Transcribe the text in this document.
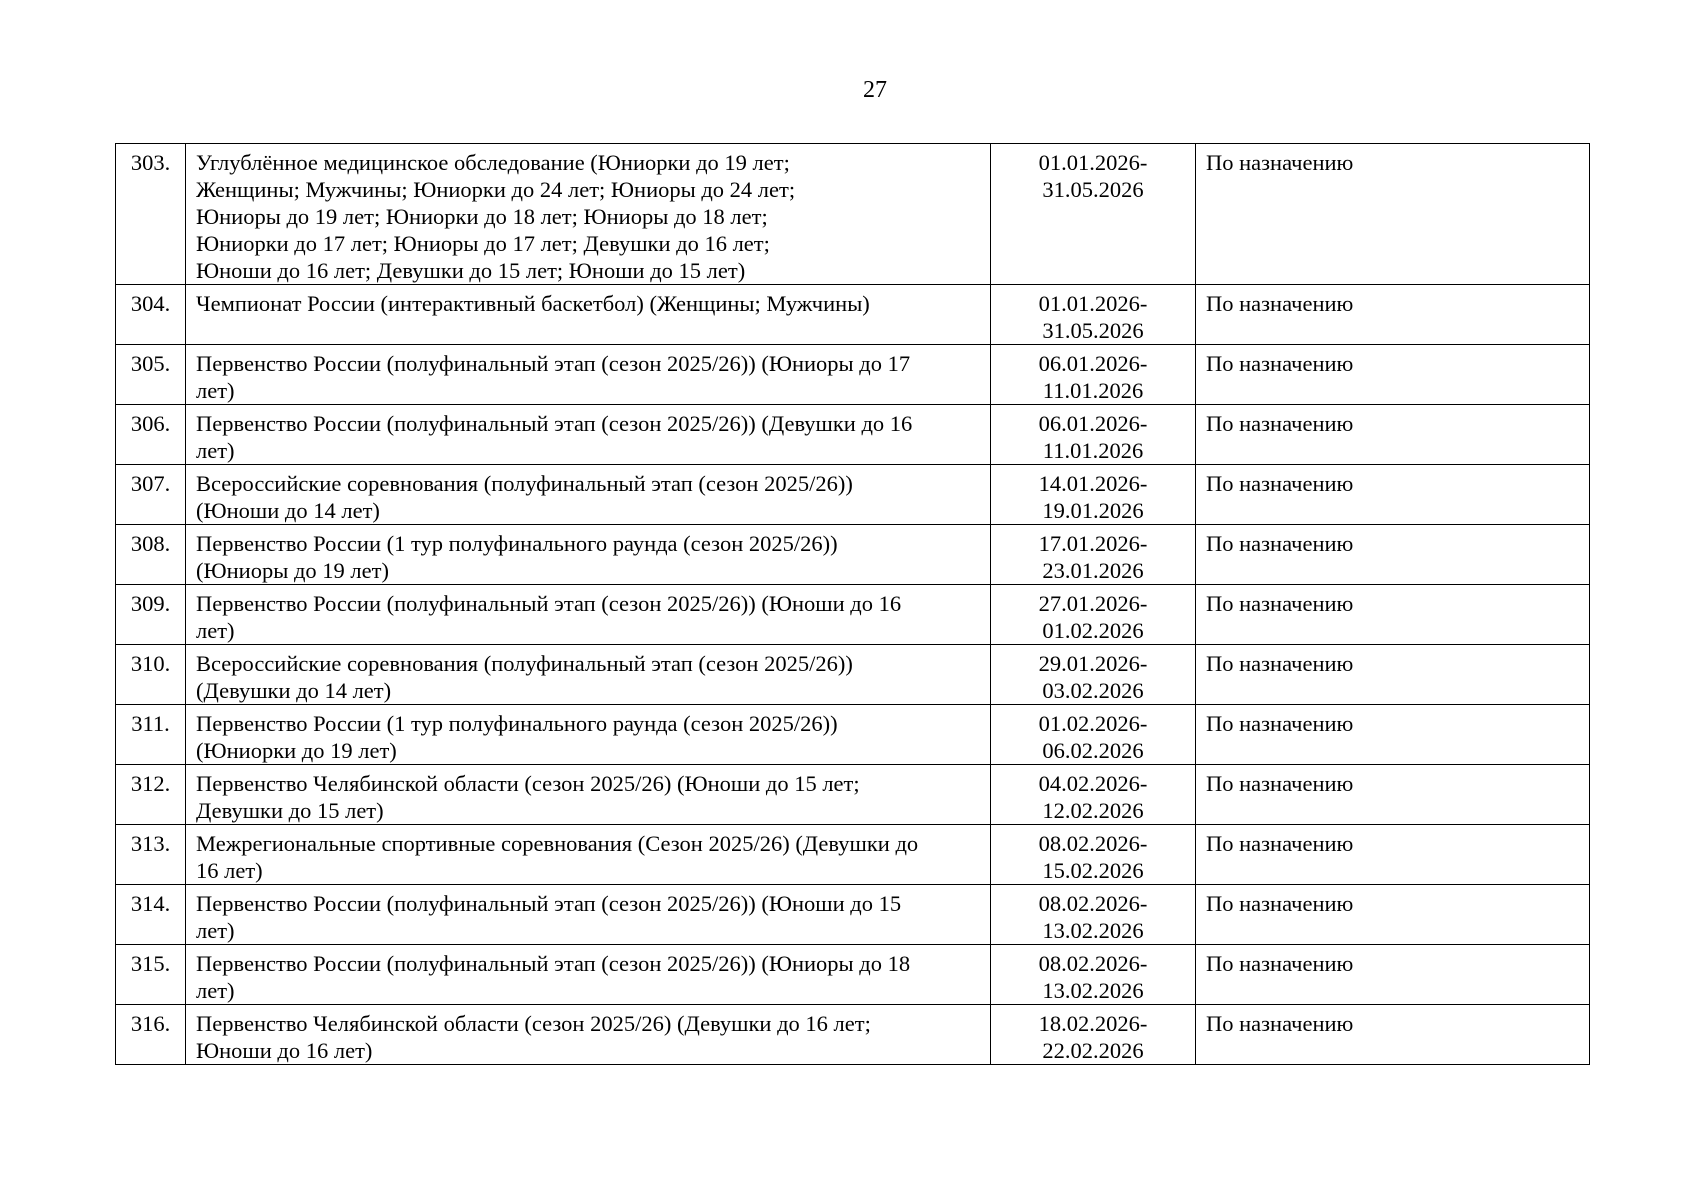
27
303.	Углублённое медицинское обследование (Юниорки до 19 лет;
Женщины; Мужчины; Юниорки до 24 лет; Юниоры до 24 лет;
Юниоры до 19 лет; Юниорки до 18 лет; Юниоры до 18 лет;
Юниорки до 17 лет; Юниоры до 17 лет; Девушки до 16 лет;
Юноши до 16 лет; Девушки до 15 лет; Юноши до 15 лет)	01.01.2026-
31.05.2026	По назначению
304.	Чемпионат России (интерактивный баскетбол) (Женщины; Мужчины)	01.01.2026-
31.05.2026	По назначению
305.	Первенство России (полуфинальный этап (сезон 2025/26)) (Юниоры до 17
лет)	06.01.2026-
11.01.2026	По назначению
306.	Первенство России (полуфинальный этап (сезон 2025/26)) (Девушки до 16
лет)	06.01.2026-
11.01.2026	По назначению
307.	Всероссийские соревнования (полуфинальный этап (сезон 2025/26))
(Юноши до 14 лет)	14.01.2026-
19.01.2026	По назначению
308.	Первенство России (1 тур полуфинального раунда (сезон 2025/26))
(Юниоры до 19 лет)	17.01.2026-
23.01.2026	По назначению
309.	Первенство России (полуфинальный этап (сезон 2025/26)) (Юноши до 16
лет)	27.01.2026-
01.02.2026	По назначению
310.	Всероссийские соревнования (полуфинальный этап (сезон 2025/26))
(Девушки до 14 лет)	29.01.2026-
03.02.2026	По назначению
311.	Первенство России (1 тур полуфинального раунда (сезон 2025/26))
(Юниорки до 19 лет)	01.02.2026-
06.02.2026	По назначению
312.	Первенство Челябинской области (сезон 2025/26) (Юноши до 15 лет;
Девушки до 15 лет)	04.02.2026-
12.02.2026	По назначению
313.	Межрегиональные спортивные соревнования (Сезон 2025/26) (Девушки до
16 лет)	08.02.2026-
15.02.2026	По назначению
314.	Первенство России (полуфинальный этап (сезон 2025/26)) (Юноши до 15
лет)	08.02.2026-
13.02.2026	По назначению
315.	Первенство России (полуфинальный этап (сезон 2025/26)) (Юниоры до 18
лет)	08.02.2026-
13.02.2026	По назначению
316.	Первенство Челябинской области (сезон 2025/26) (Девушки до 16 лет;
Юноши до 16 лет)	18.02.2026-
22.02.2026	По назначению
